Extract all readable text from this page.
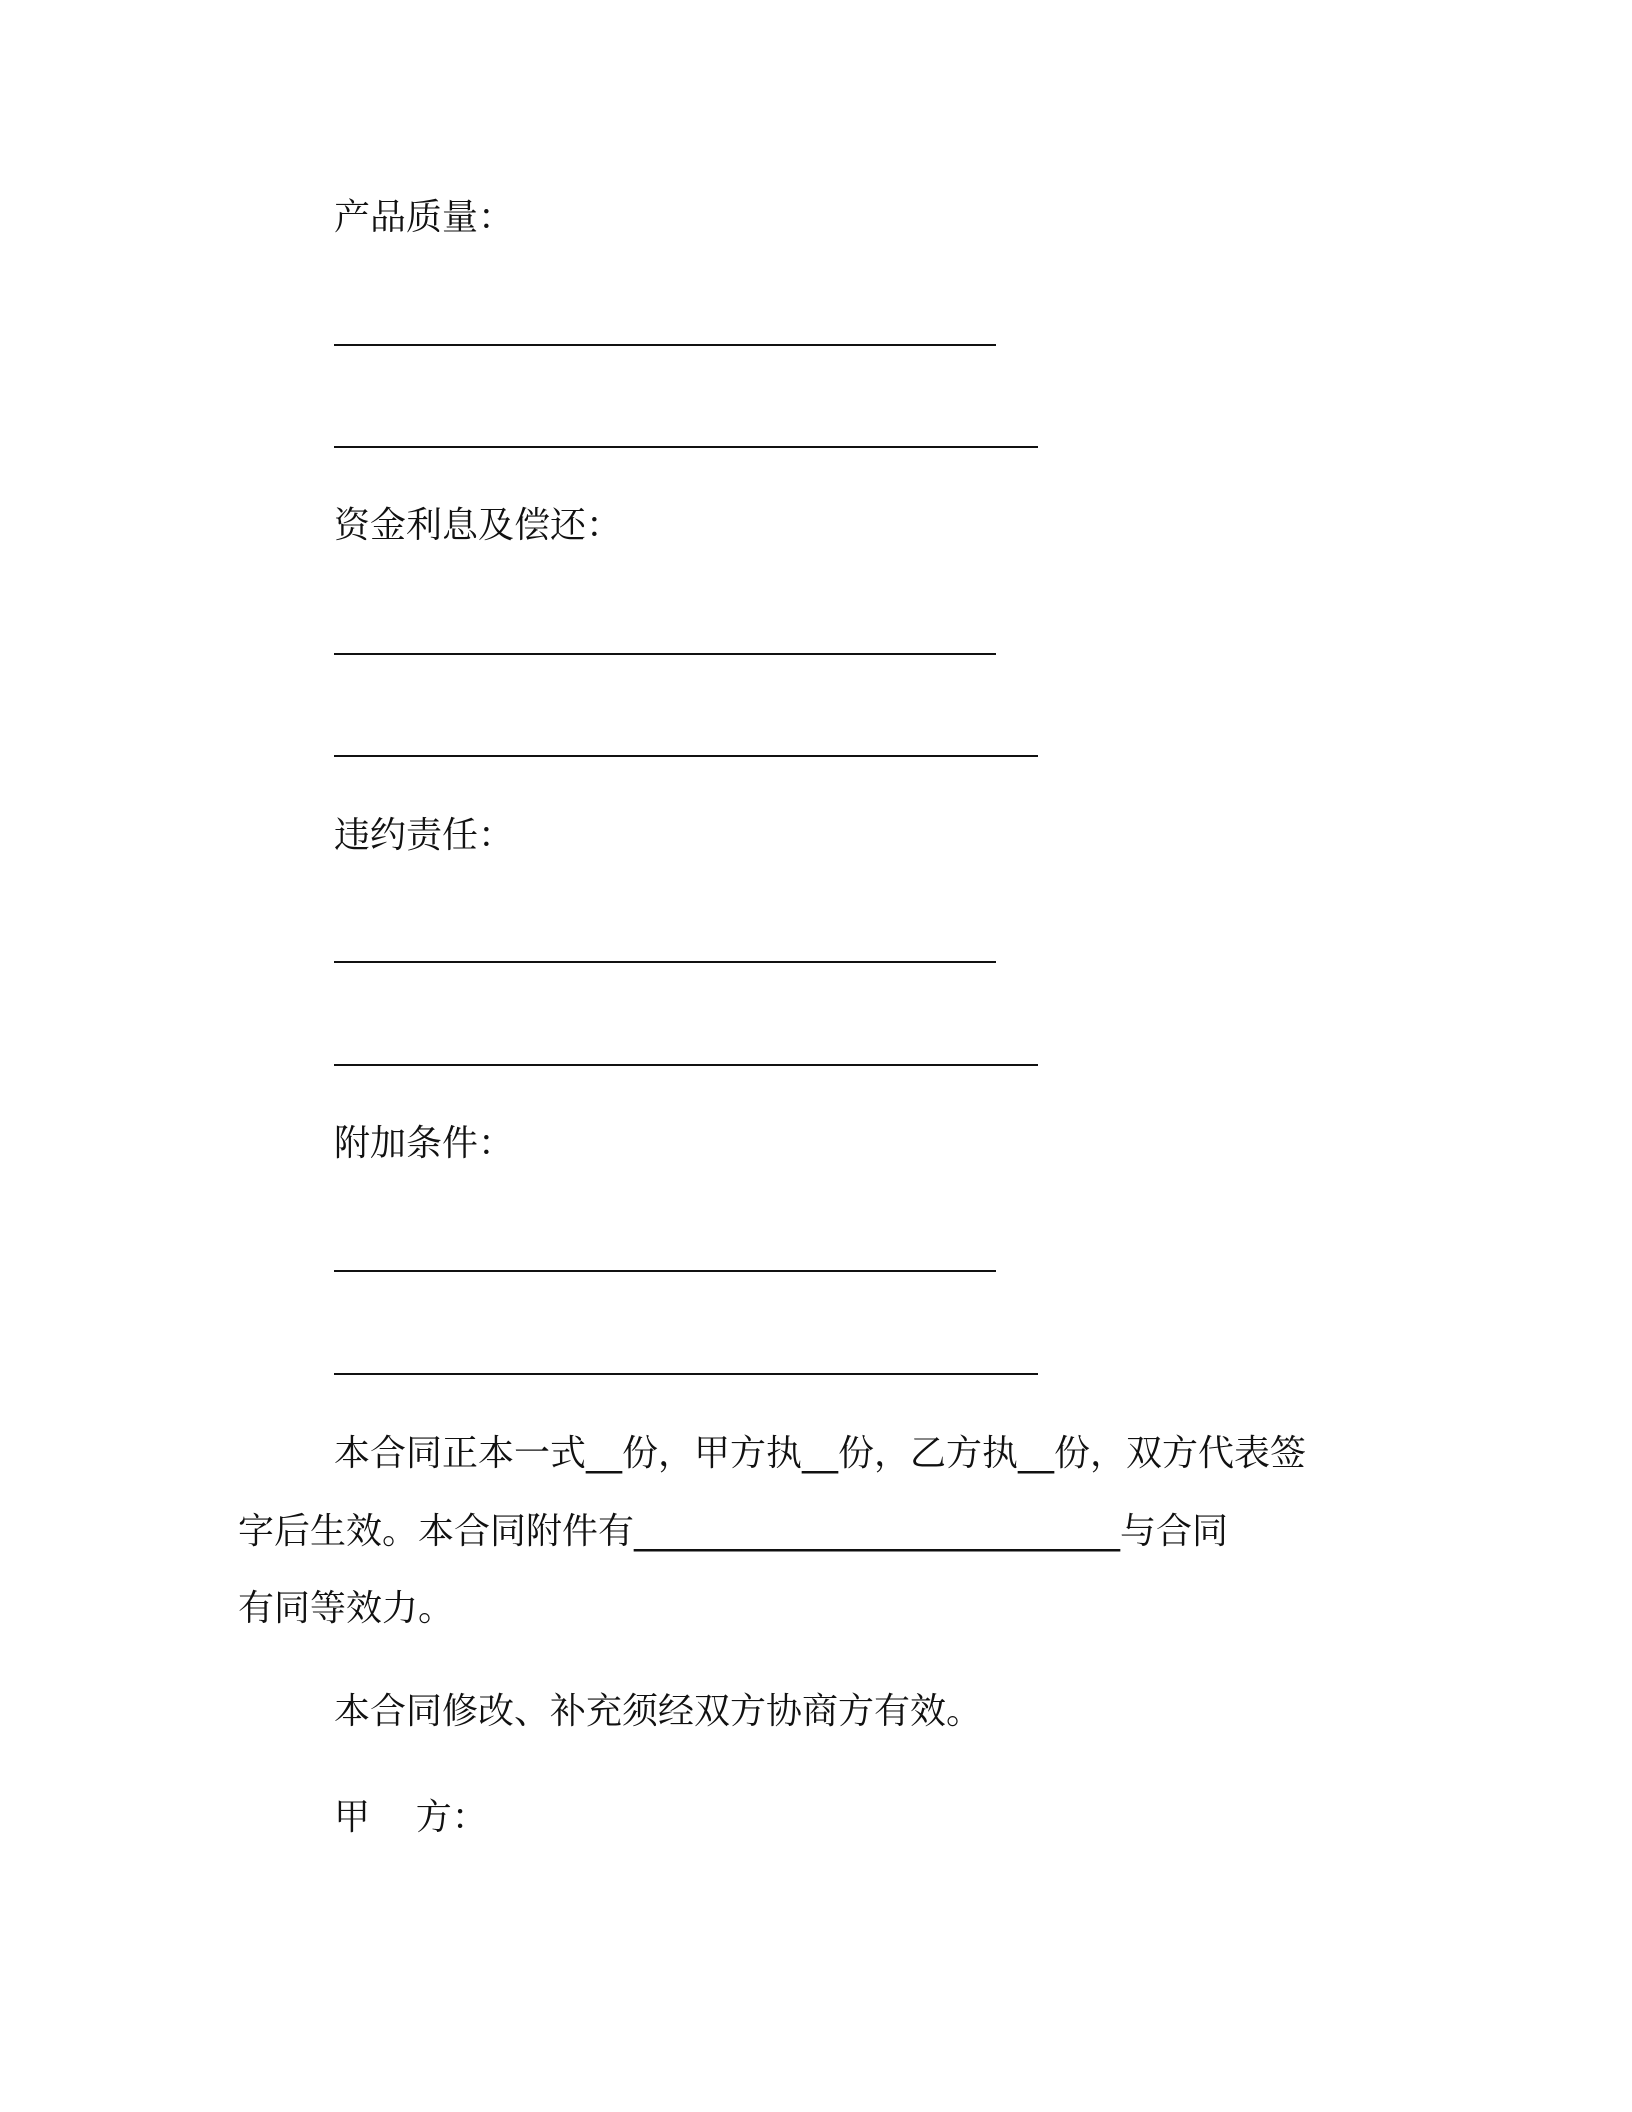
产品质量：
资金利息及偿还：
违约责任：
附加条件：
本合同正本一式__份，甲方执__份，乙方执__份，双方代表签
字后生效。本合同附件有___________________________与合同
有同等效力。
本合同修改、补充须经双方协商方有效。
甲    方：
